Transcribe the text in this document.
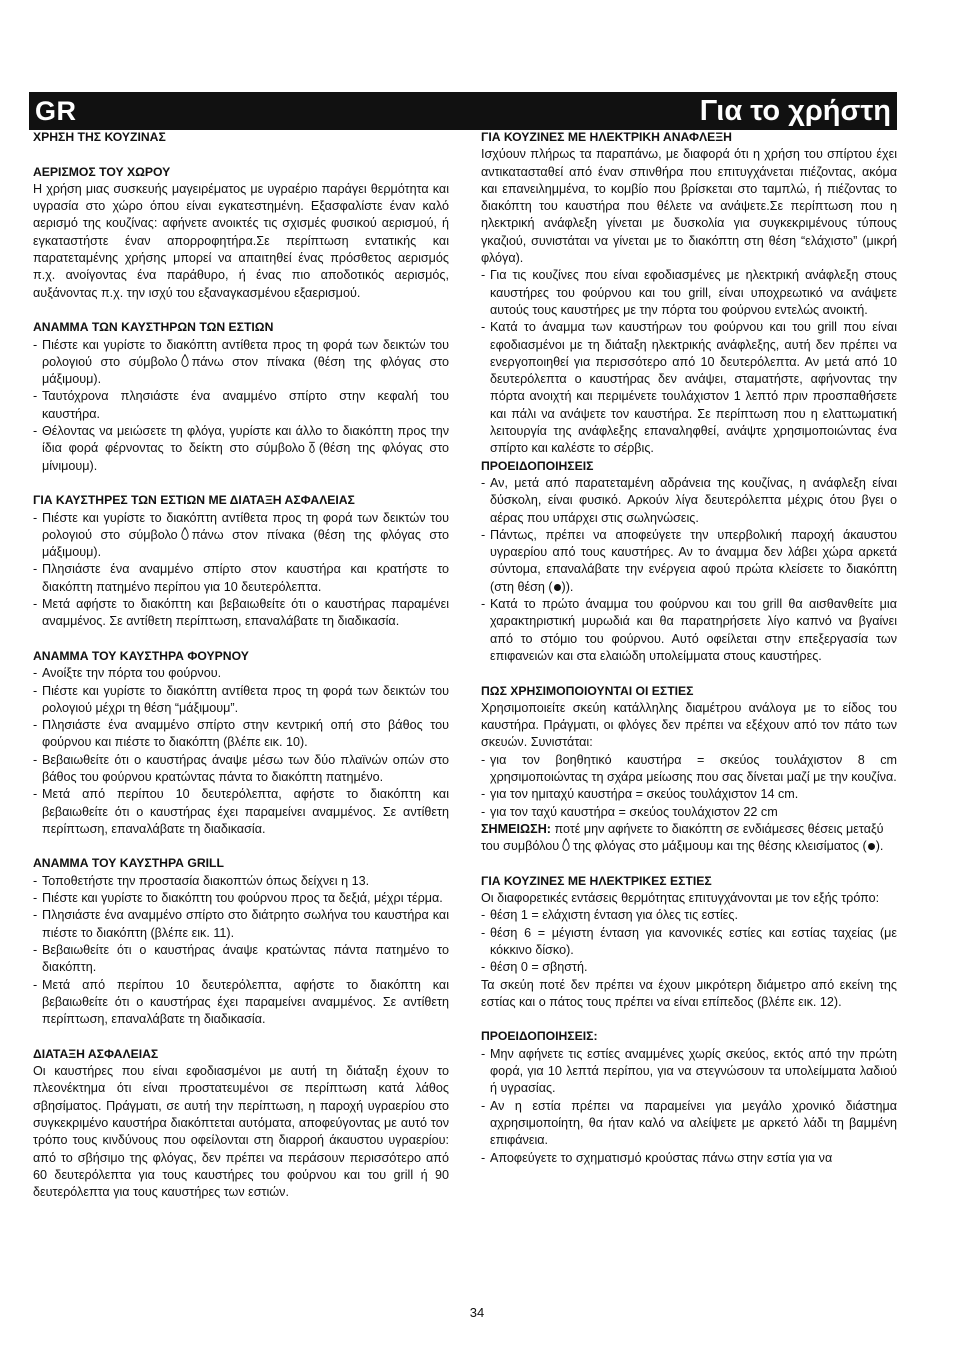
GR	Για το χρήστη
ΧΡΗΣΗ ΤΗΣ ΚΟΥΖΙΝΑΣ
ΑΕΡΙΣΜΟΣ ΤΟΥ ΧΩΡΟΥ

Η χρήση μιας συσκευής μαγειρέματος με υγραέριο παράγει θερμότητα και υγρασία στο χώρο όπου είναι εγκατεστημένη. Εξασφαλίστε έναν καλό αερισμό της κουζίνας: αφήνετε ανοικτές τις σχισμές φυσικού αερισμού, ή εγκαταστήστε έναν απορροφητήρα.Σε περίπτωση εντατικής και παρατεταμένης χρήσης μπορεί να απαιτηθεί ένας πρόσθετος αερισμός π.χ. ανοίγοντας ένα παράθυρο, ή ένας πιο αποδοτικός αερισμός, αυξάνοντας π.χ. την ισχύ του εξαναγκασμένου εξαερισμού.

ΑΝΑΜΜΑ ΤΩΝ ΚΑΥΣΤΗΡΩΝ ΤΩΝ ΕΣΤΙΩΝ
- Πιέστε και γυρίστε το διακόπτη αντίθετα προς τη φορά των δεικτών του ρολογιού στο σύμβολο πάνω στον πίνακα (θέση της φλόγας στο μάξιμουμ).
- Ταυτόχρονα πλησιάστε ένα αναμμένο σπίρτο στην κεφαλή του καυστήρα.
- Θέλοντας να μειώσετε τη φλόγα, γυρίστε και άλλο το διακόπτη προς την ίδια φορά φέρνοντας το δείκτη στο σύμβολο (θέση της φλόγας στο μίνιμουμ).
ΓΙΑ ΚΑΥΣΤΗΡΕΣ ΤΩΝ ΕΣΤΙΩΝ ΜΕ ΔΙΑΤΑΞΗ ΑΣΦΑΛΕΙΑΣ
- Πιέστε και γυρίστε το διακόπτη αντίθετα προς τη φορά των δεικτών του ρολογιού στο σύμβολο πάνω στον πίνακα (θέση της φλόγας στο μάξιμουμ).
- Πλησιάστε ένα αναμμένο σπίρτο στον καυστήρα και κρατήστε το διακόπτη πατημένο περίπου για 10 δευτερόλεπτα.
- Μετά αφήστε το διακόπτη και βεβαιωθείτε ότι ο καυστήρας παραμένει αναμμένος. Σε αντίθετη περίπτωση, επαναλάβατε τη διαδικασία.
ΑΝΑΜΜΑ ΤΟΥ ΚΑΥΣΤΗΡΑ ΦΟΥΡΝΟΥ
- Ανοίξτε την πόρτα του φούρνου.
- Πιέστε και γυρίστε το διακόπτη αντίθετα προς τη φορά των δεικτών του ρολογιού μέχρι τη θέση “μάξιμουμ”.
- Πλησιάστε ένα αναμμένο σπίρτο στην κεντρική οπή στο βάθος του φούρνου και πιέστε το διακόπτη (βλέπε εικ. 10).
- Βεβαιωθείτε ότι ο καυστήρας άναψε μέσω των δύο πλαϊνών οπών στο βάθος του φούρνου κρατώντας πάντα το διακόπτη πατημένο.
- Μετά από περίπου 10 δευτερόλεπτα, αφήστε το διακόπτη και βεβαιωθείτε ότι ο καυστήρας έχει παραμείνει αναμμένος. Σε αντίθετη περίπτωση, επαναλάβατε τη διαδικασία.
ΑΝΑΜΜΑ ΤΟΥ ΚΑΥΣΤΗΡΑ GRILL
- Τοποθετήστε την προστασία διακοπτών όπως δείχνει η 13.
- Πιέστε και γυρίστε το διακόπτη του φούρνου προς τα δεξιά, μέχρι τέρμα.
- Πλησιάστε ένα αναμμένο σπίρτο στο διάτρητο σωλήνα του καυστήρα και πιέστε το διακόπτη (βλέπε εικ. 11).
- Βεβαιωθείτε ότι ο καυστήρας άναψε κρατώντας πάντα πατημένο το διακόπτη.
- Μετά από περίπου 10 δευτερόλεπτα, αφήστε το διακόπτη και βεβαιωθείτε ότι ο καυστήρας έχει παραμείνει αναμμένος. Σε αντίθετη περίπτωση, επαναλάβατε τη διαδικασία.
ΔΙΑΤΑΞΗ ΑΣΦΑΛΕΙΑΣ

Οι καυστήρες που είναι εφοδιασμένοι με αυτή τη διάταξη έχουν το πλεονέκτημα ότι είναι προστατευμένοι σε περίπτωση κατά λάθος σβησίματος. Πράγματι, σε αυτή την περίπτωση, η παροχή υγραερίου στο συγκεκριμένο καυστήρα διακόπτεται αυτόματα, αποφεύγοντας με αυτό τον τρόπο τους κινδύνους που οφείλονται στη διαρροή άκαυστου υγραερίου: από το σβήσιμο της φλόγας, δεν πρέπει να περάσουν περισσότερο από 60 δευτερόλεπτα για τους καυστήρες του φούρνου και του grill ή 90 δευτερόλεπτα για τους καυστήρες των εστιών.

ΓΙΑ ΚΟΥΖΙΝΕΣ ΜΕ ΗΛΕΚΤΡΙΚΗ ΑΝΑΦΛΕΞΗ

Ισχύουν πλήρως τα παραπάνω, με διαφορά ότι η χρήση του σπίρτου έχει αντικατασταθεί από έναν σπινθήρα που επιτυγχάνεται πιέζοντας, ακόμα και επανειλημμένα, το κομβίο που βρίσκεται στο ταμπλώ, ή πιέζοντας το διακόπτη του καυστήρα που θέλετε να ανάψετε.Σε περίπτωση που η ηλεκτρική ανάφλεξη γίνεται με δυσκολία για συγκεκριμένους τύπους γκαζιού, συνιστάται να γίνεται με το διακόπτη στη θέση “ελάχιστο” (μικρή φλόγα).

- Για τις κουζίνες που είναι εφοδιασμένες με ηλεκτρική ανάφλεξη στους καυστήρες του φούρνου και του grill, είναι υποχρεωτικό να ανάψετε αυτούς τους καυστήρες με την πόρτα του φούρνου εντελώς ανοικτή.
- Κατά το άναμμα των καυστήρων του φούρνου και του grill που είναι εφοδιασμένοι με τη διάταξη ηλεκτρικής ανάφλεξης, αυτή δεν πρέπει να ενεργοποιηθεί για περισσότερο από 10 δευτερόλεπτα. Αν μετά από 10 δευτερόλεπτα ο καυστήρας δεν ανάψει, σταματήστε, αφήνοντας την πόρτα ανοιχτή και περιμένετε τουλάχιστον 1 λεπτό πριν προσπαθήσετε και πάλι να ανάψετε τον καυστήρα. Σε περίπτωση που η ελαττωματική λειτουργία της ανάφλεξης επαναληφθεί, ανάψτε χρησιμοποιώντας ένα σπίρτο και καλέστε το σέρβις.
ΠΡΟΕΙΔΟΠΟΙΗΣΕΙΣ
- Αν, μετά από παρατεταμένη αδράνεια της κουζίνας, η ανάφλεξη είναι δύσκολη, είναι φυσικό. Αρκούν λίγα δευτερόλεπτα μέχρις ότου βγει ο αέρας που υπάρχει στις σωληνώσεις.
- Πάντως, πρέπει να αποφεύγετε την υπερβολική παροχή άκαυστου υγραερίου από τους καυστήρες. Αν το άναμμα δεν λάβει χώρα αρκετά σύντομα, επαναλάβατε την ενέργεια αφού πρώτα κλείσετε το διακόπτη (στη θέση ( )).
- Κατά το πρώτο άναμμα του φούρνου και του grill θα αισθανθείτε μια χαρακτηριστική μυρωδιά και θα παρατηρήσετε λίγο καπνό να βγαίνει από το στόμιο του φούρνου. Αυτό οφείλεται στην επεξεργασία των επιφανειών και στα ελαιώδη υπολείμματα στους καυστήρες.
ΠΩΣ ΧΡΗΣΙΜΟΠΟΙΟΥΝΤΑΙ ΟΙ ΕΣΤΙΕΣ

Χρησιμοποιείτε σκεύη κατάλληλης διαμέτρου ανάλογα με το είδος του καυστήρα. Πράγματι, οι φλόγες δεν πρέπει να εξέχουν από τον πάτο των σκευών. Συνιστάται:

- για τον βοηθητικό καυστήρα = σκεύος τουλάχιστον 8 cm χρησιμοποιώντας τη σχάρα μείωσης που σας δίνεται μαζί με την κουζίνα.
- για τον ημιταχύ καυστήρα = σκεύος τουλάχιστον 14 cm.
- για τον ταχύ καυστήρα = σκεύος τουλάχιστον 22 cm

ΣΗΜΕΙΩΣΗ: ποτέ μην αφήνετε το διακόπτη σε ενδιάμεσες θέσεις μεταξύ του συμβόλου της φλόγας στο μάξιμουμ και της θέσης κλεισίματος ( ).

ΓΙΑ ΚΟΥΖΙΝΕΣ ΜΕ ΗΛΕΚΤΡΙΚΕΣ ΕΣΤΙΕΣ

Οι διαφορετικές εντάσεις θερμότητας επιτυγχάνονται με τον εξής τρόπο:

- θέση 1 = ελάχιστη ένταση για όλες τις εστίες.
- θέση 6 = μέγιστη ένταση για κανονικές εστίες και εστίας ταχείας (με κόκκινο δίσκο).
- θέση 0 = σβηστή.

Τα σκεύη ποτέ δεν πρέπει να έχουν μικρότερη διάμετρο από εκείνη της εστίας και ο πάτος τους πρέπει να είναι επίπεδος (βλέπε εικ. 12).

ΠΡΟΕΙΔΟΠΟΙΗΣΕΙΣ:
- Μην αφήνετε τις εστίες αναμμένες χωρίς σκεύος, εκτός από την πρώτη φορά, για 10 λεπτά περίπου, για να στεγνώσουν τα υπολείμματα λαδιού ή υγρασίας.
- Αν η εστία πρέπει να παραμείνει για μεγάλο χρονικό διάστημα αχρησιμοποίητη, θα ήταν καλό να αλείψετε με αρκετό λάδι τη βαμμένη επιφάνεια.
- Αποφεύγετε το σχηματισμό κρούστας πάνω στην εστία για να
34
